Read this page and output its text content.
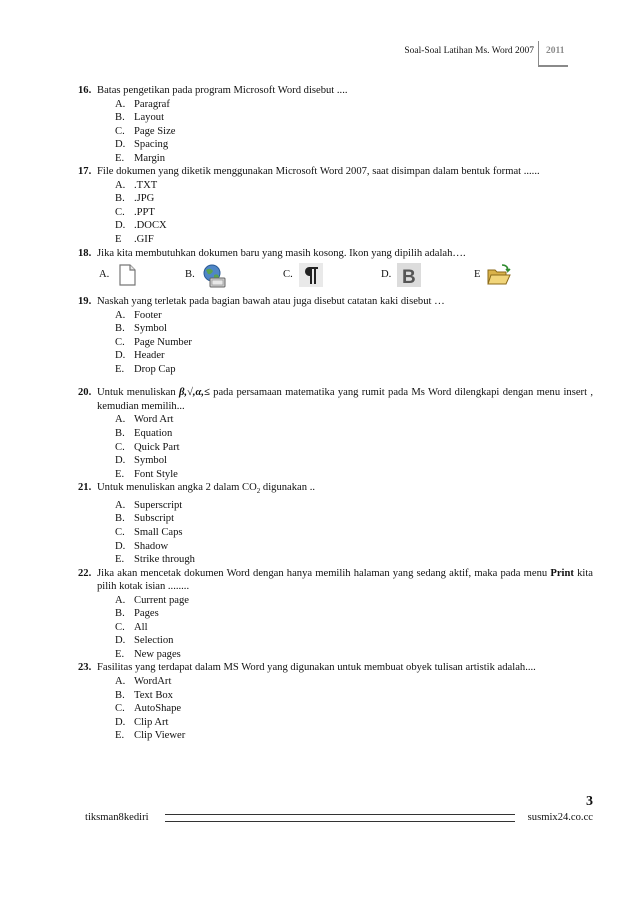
Soal-Soal Latihan Ms. Word 2007 2011
16. Batas pengetikan pada program Microsoft Word disebut ....
A. Paragraf
B. Layout
C. Page Size
D. Spacing
E. Margin
17. File dokumen yang diketik menggunakan Microsoft Word 2007, saat disimpan dalam bentuk format ......
A. .TXT
B. .JPG
C. .PPT
D. .DOCX
E	.GIF
18. Jika kita membutuhkan dokumen baru yang masih kosong. Ikon yang dipilih adalah….
A.	B.	C.	D. B	E
19. Naskah yang terletak pada bagian bawah atau juga disebut catatan kaki disebut …
A. Footer
B. Symbol
C. Page Number
D. Header
E. Drop Cap
20. Untuk menuliskan β,√,α,≤ pada persamaan matematika yang rumit pada Ms Word dilengkapi dengan menu insert , kemudian memilih...
A. Word Art
B. Equation
C. Quick Part
D. Symbol
E. Font Style
21. Untuk menuliskan angka 2 dalam $CO_2$ digunakan ..
A. Superscript
B. Subscript
C. Small Caps
D. Shadow
E. Strike through
22. Jika akan mencetak dokumen Word dengan hanya memilih halaman yang sedang aktif, maka pada menu Print kita pilih kotak isian ........
A. Current page
B. Pages
C. All
D. Selection
E. New pages
23. Fasilitas yang terdapat dalam MS Word yang digunakan untuk membuat obyek tulisan artistik adalah....
A. WordArt
B. Text Box
C. AutoShape
D. Clip Art
E. Clip Viewer
3
tiksman8kediri	susmix24.co.cc
